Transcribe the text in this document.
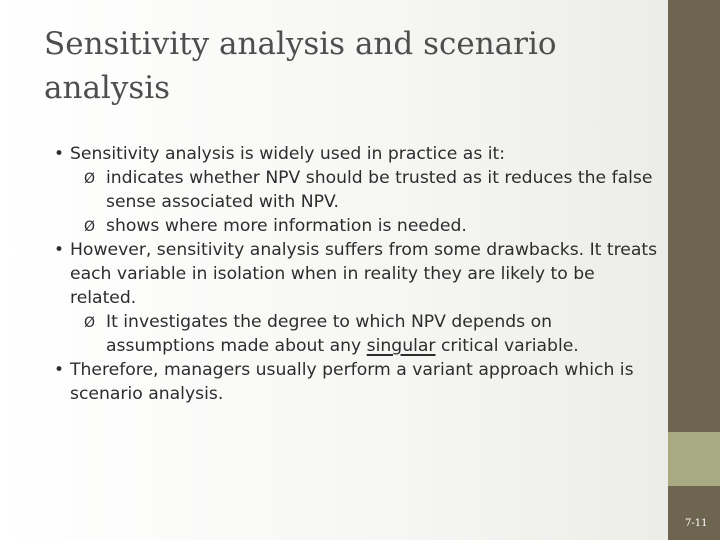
Sensitivity analysis and scenario analysis
• Sensitivity analysis is widely used in practice as it:
Ø indicates whether NPV should be trusted as it reduces the false sense associated with NPV.
Ø shows where more information is needed.
• However, sensitivity analysis suffers from some drawbacks. It treats each variable in isolation when in reality they are likely to be related.
Ø It investigates the degree to which NPV depends on assumptions made about any singular critical variable.
• Therefore, managers usually perform a variant approach which is scenario analysis.
7-11
